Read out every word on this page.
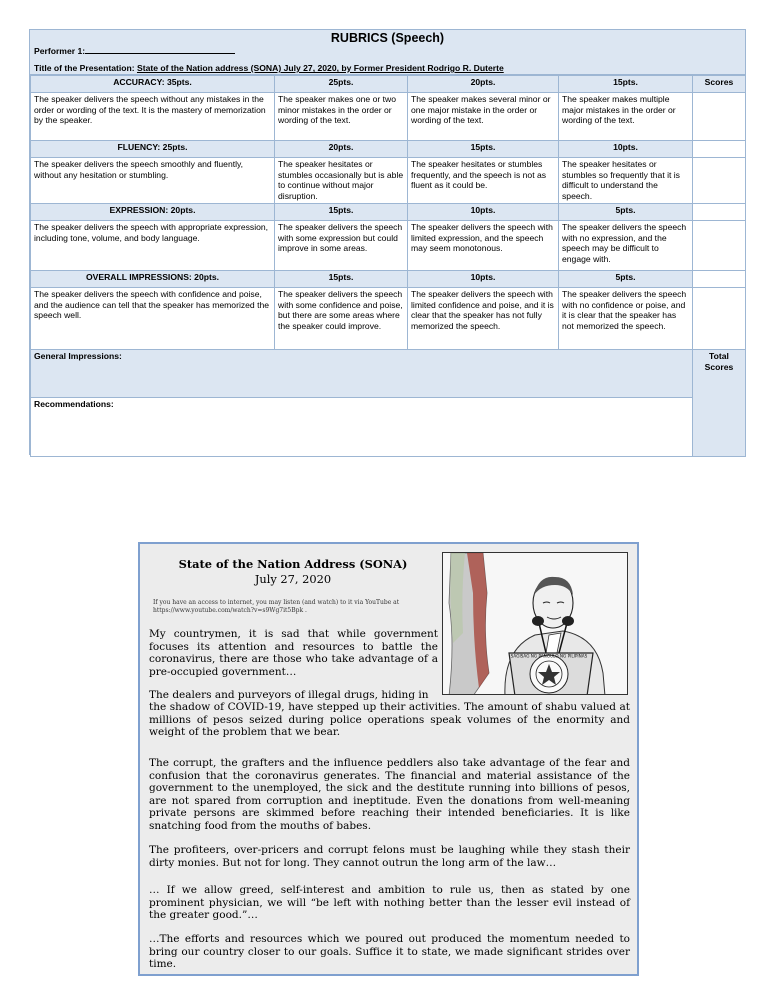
RUBRICS (Speech)
Performer 1:
Title of the Presentation: State of the Nation address (SONA) July 27, 2020, by Former President Rodrigo R. Duterte
ACCURACY: 35pts.	25pts.	20pts.	15pts.	Scores
The speaker delivers the speech without any mistakes in the order or wording of the text. It is the mastery of memorization by the speaker.	The speaker makes one or two minor mistakes in the order or wording of the text.	The speaker makes several minor or one major mistake in the order or wording of the text.	The speaker makes multiple major mistakes in the order or wording of the text.	
FLUENCY: 25pts.	20pts.	15pts.	10pts.	
The speaker delivers the speech smoothly and fluently, without any hesitation or stumbling.	The speaker hesitates or stumbles occasionally but is able to continue without major disruption.	The speaker hesitates or stumbles frequently, and the speech is not as fluent as it could be.	The speaker hesitates or stumbles so frequently that it is difficult to understand the speech.	
EXPRESSION: 20pts.	15pts.	10pts.	5pts.	
The speaker delivers the speech with appropriate expression, including tone, volume, and body language.	The speaker delivers the speech with some expression but could improve in some areas.	The speaker delivers the speech with limited expression, and the speech may seem monotonous.	The speaker delivers the speech with no expression, and the speech may be difficult to engage with.	
OVERALL IMPRESSIONS: 20pts.	15pts.	10pts.	5pts.	
The speaker delivers the speech with confidence and poise, and the audience can tell that the speaker has memorized the speech well.	The speaker delivers the speech with some confidence and poise, but there are some areas where the speaker could improve.	The speaker delivers the speech with limited confidence and poise, and it is clear that the speaker has not fully memorized the speech.	The speaker delivers the speech with no confidence or poise, and it is clear that the speaker has not memorized the speech.	
General Impressions:				Total Scores
Recommendations:				
State of the Nation Address (SONA)
July 27, 2020
If you have an access to internet, you may listen (and watch) to it via YouTube at https://www.youtube.com/watch?v=s9Wg7it5Bpk .
SAGISAG NG PANGULO NG PILIPINAS
My countrymen, it is sad that while government focuses its attention and resources to battle the coronavirus, there are those who take advantage of a pre-occupied government…
The dealers and purveyors of illegal drugs, hiding in
the shadow of COVID-19, have stepped up their activities. The amount of shabu valued at millions of pesos seized during police operations speak volumes of the enormity and weight of the problem that we bear.
The corrupt, the grafters and the influence peddlers also take advantage of the fear and confusion that the coronavirus generates. The financial and material assistance of the government to the unemployed, the sick and the destitute running into billions of pesos, are not spared from corruption and ineptitude. Even the donations from well-meaning private persons are skimmed before reaching their intended beneficiaries. It is like snatching food from the mouths of babes.
The profiteers, over-pricers and corrupt felons must be laughing while they stash their dirty monies. But not for long. They cannot outrun the long arm of the law…
… If we allow greed, self-interest and ambition to rule us, then as stated by one prominent physician, we will “be left with nothing better than the lesser evil instead of the greater good.”…
…The efforts and resources which we poured out produced the momentum needed to bring our country closer to our goals. Suffice it to state, we made significant strides over time.
